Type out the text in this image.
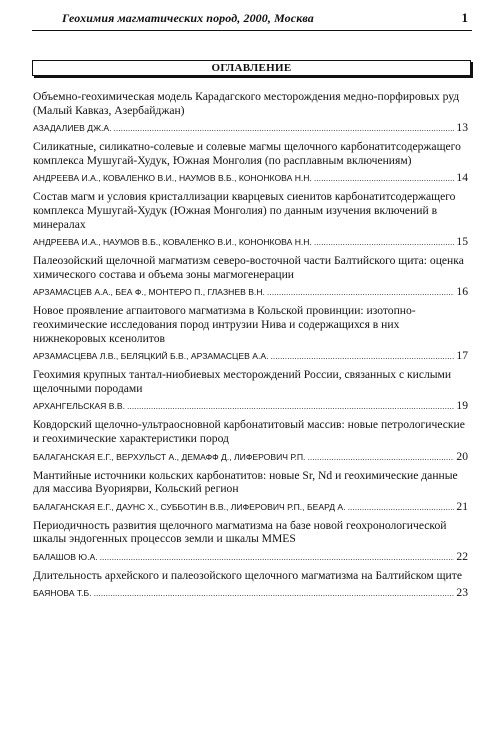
Геохимия магматических пород, 2000, Москва	1
ОГЛАВЛЕНИЕ

Объемно-геохимическая модель Карадагского месторождения медно-порфировых руд (Малый Кавказ, Азербайджан)

АЗАДАЛИЕВ ДЖ.А. .....	13

Силикатные, силикатно-солевые и солевые магмы щелочного карбонатитсодержащего комплекса Мушугай-Худук, Южная Монголия (по расплавным включениям)

АНДРЕЕВА И.А., КОВАЛЕНКО В.И., НАУМОВ В.Б., КОНОНКОВА Н.Н. .....	14

Состав магм и условия кристаллизации кварцевых сиенитов карбонатитсодержащего комплекса Мушугай-Худук (Южная Монголия) по данным изучения включений в минералах

АНДРЕЕВА И.А., НАУМОВ В.Б., КОВАЛЕНКО В.И., КОНОНКОВА Н.Н. .....	15

Палеозойский щелочной магматизм северо-восточной части Балтийского щита: оценка химического состава и объема зоны магмогенерации

АРЗАМАСЦЕВ А.А., БЕА Ф., МОНТЕРО П., ГЛАЗНЕВ В.Н. .....	16

Новое проявление агпаитового магматизма в Кольской провинции: изотопно-геохимические исследования пород интрузии Нива и содержащихся в них нижнекоровых ксенолитов

АРЗАМАСЦЕВА Л.В., БЕЛЯЦКИЙ Б.В., АРЗАМАСЦЕВ А.А. .....	17

Геохимия крупных тантал-ниобиевых месторождений России, связанных с кислыми щелочными породами

АРХАНГЕЛЬСКАЯ В.В. .....	19

Ковдорский щелочно-ультраосновной карбонатитовый массив: новые петрологические и геохимические характеристики пород

БАЛАГАНСКАЯ Е.Г., ВЕРХУЛЬСТ А., ДЕМАФФ Д., ЛИФЕРОВИЧ Р.П. .....	20

Мантийные источники кольских карбонатитов: новые Sr, Nd и геохимические данные для массива Вуориярви, Кольский регион

БАЛАГАНСКАЯ Е.Г., ДАУНС Х., СУББОТИН В.В., ЛИФЕРОВИЧ Р.П., БЕАРД А. .....	21

Периодичность развития щелочного магматизма на базе новой геохронологической шкалы эндогенных процессов земли и шкалы MMES

БАЛАШОВ Ю.А. .....	22

Длительность архейского и палеозойского щелочного магматизма на Балтийском щите

БАЯНОВА Т.Б. .....	23
